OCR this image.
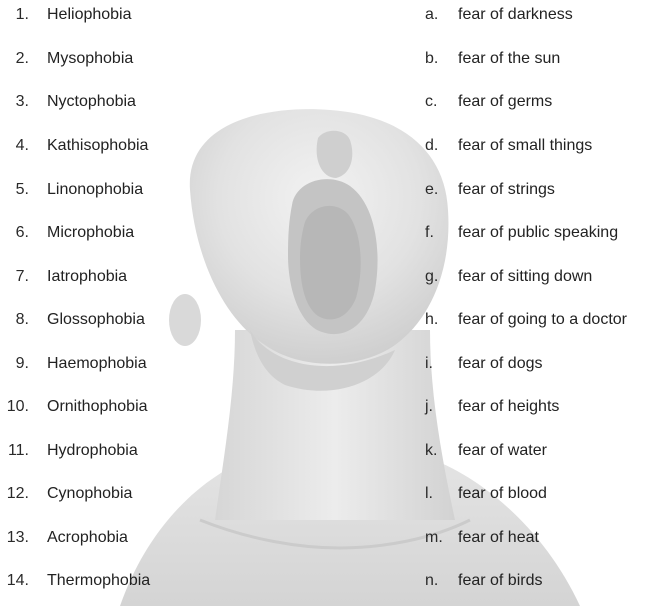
1. Heliophobia
2. Mysophobia
3. Nyctophobia
4. Kathisophobia
5. Linonophobia
6. Microphobia
7. Iatrophobia
8. Glossophobia
9. Haemophobia
10. Ornithophobia
11. Hydrophobia
12. Cynophobia
13. Acrophobia
14. Thermophobia
a. fear of darkness
b. fear of the sun
c. fear of germs
d. fear of small things
e. fear of strings
f. fear of public speaking
g. fear of sitting down
h. fear of going to a doctor
i. fear of dogs
j. fear of heights
k. fear of water
l. fear of blood
m. fear of heat
n. fear of birds
